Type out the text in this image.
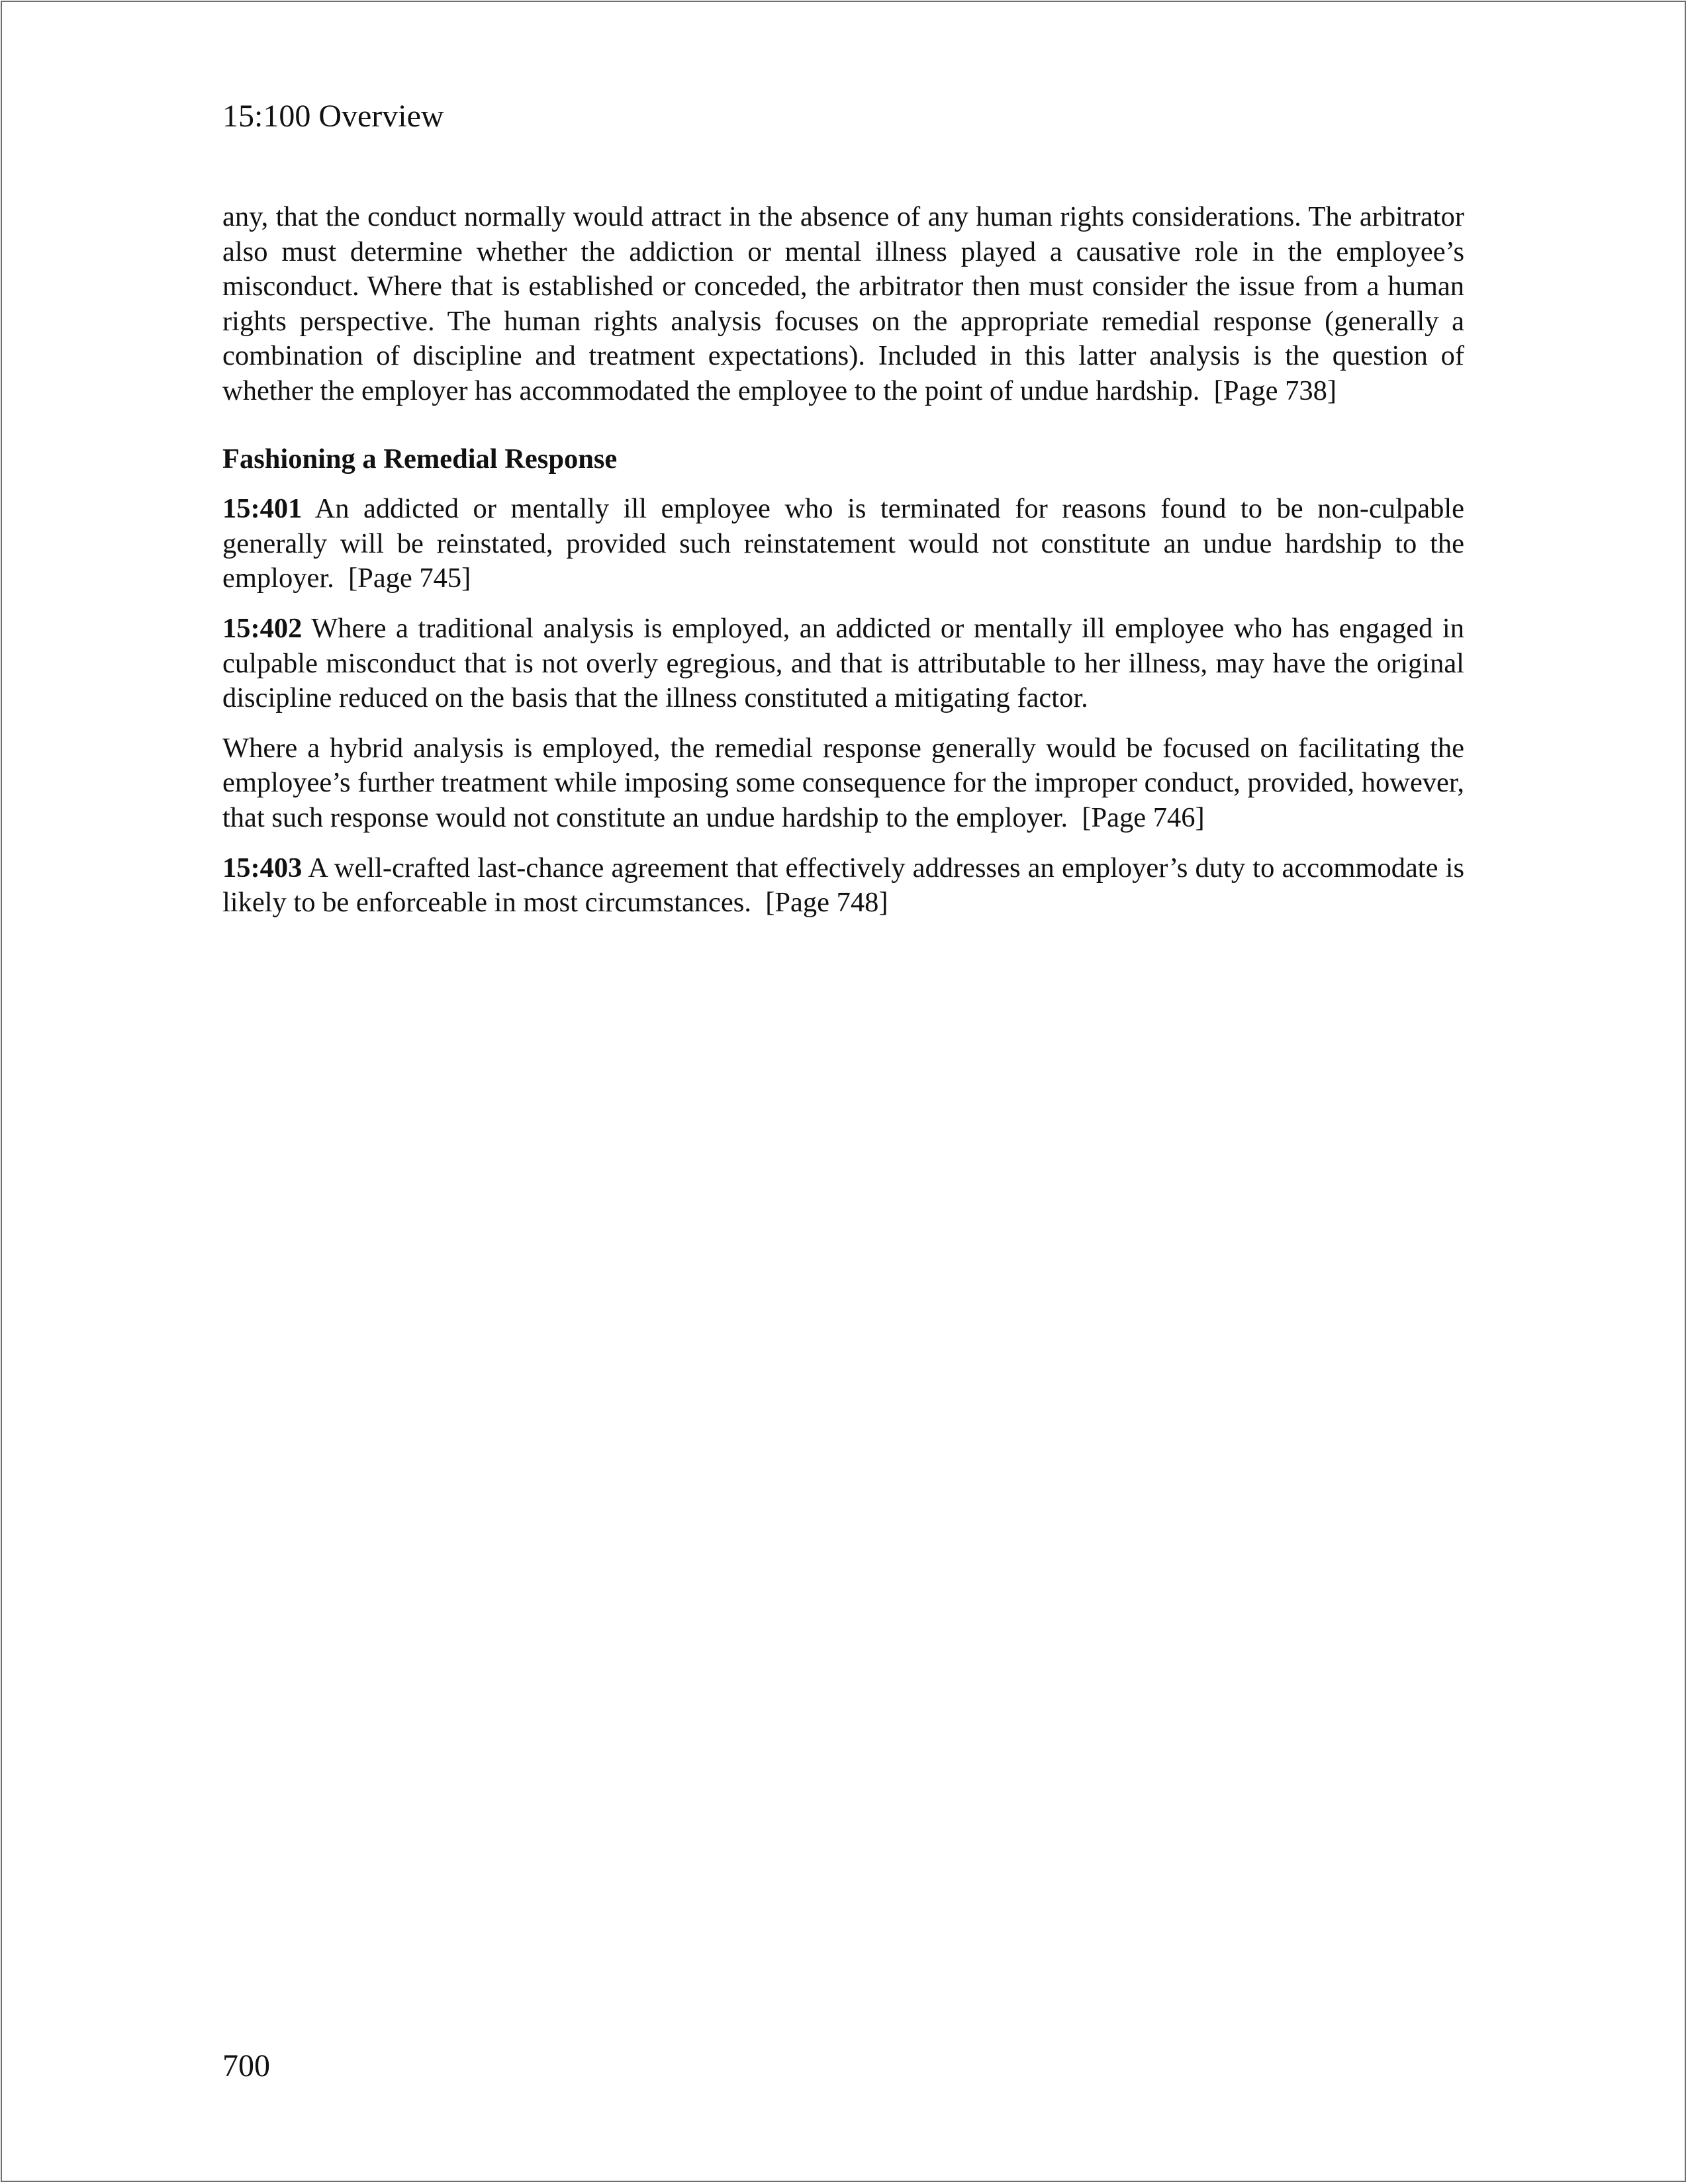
15:100 Overview

any, that the conduct normally would attract in the absence of any human rights considerations. The arbitrator also must determine whether the addiction or mental illness played a causative role in the employee’s misconduct. Where that is established or conceded, the arbitrator then must consider the issue from a human rights perspective. The human rights analysis focuses on the appropriate remedial response (generally a combination of discipline and treatment expectations). Included in this latter analysis is the question of whether the employer has accommodated the employee to the point of undue hardship. [Page 738]

Fashioning a Remedial Response

15:401 An addicted or mentally ill employee who is terminated for reasons found to be non-culpable generally will be reinstated, provided such reinstatement would not constitute an undue hardship to the employer. [Page 745]

15:402 Where a traditional analysis is employed, an addicted or mentally ill employee who has engaged in culpable misconduct that is not overly egregious, and that is attributable to her illness, may have the original discipline reduced on the basis that the illness constituted a mitigating factor.

Where a hybrid analysis is employed, the remedial response generally would be focused on facilitating the employee’s further treatment while imposing some consequence for the improper conduct, provided, however, that such response would not constitute an undue hardship to the employer. [Page 746]

15:403 A well-crafted last-chance agreement that effectively addresses an employer’s duty to accommodate is likely to be enforceable in most circumstances. [Page 748]

700
